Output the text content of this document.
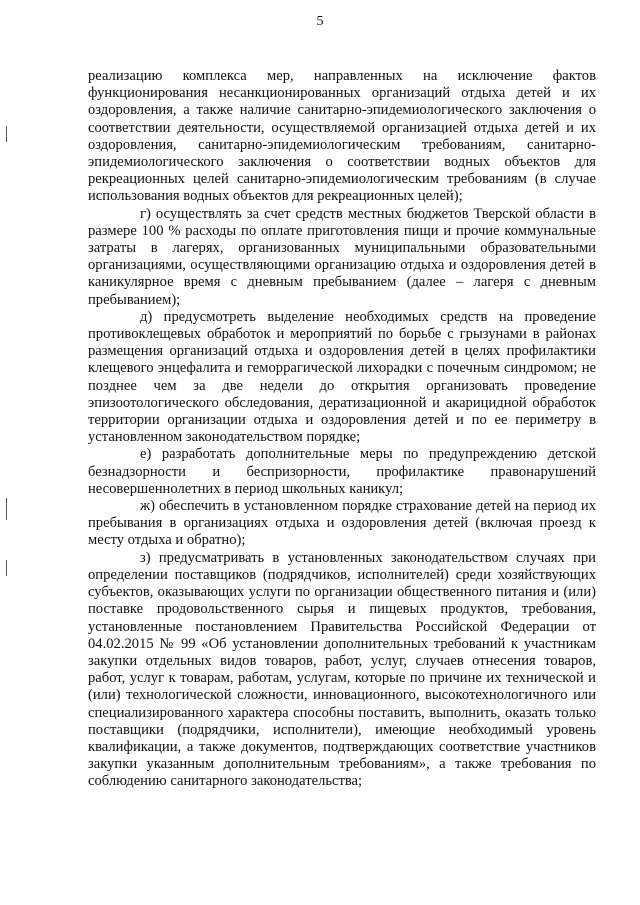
5

реализацию комплекса мер, направленных на исключение фактов функционирования несанкционированных организаций отдыха детей и их оздоровления, а также наличие санитарно-эпидемиологического заключения о соответствии деятельности, осуществляемой организацией отдыха детей и их оздоровления, санитарно-эпидемиологическим требованиям, санитарно-эпидемиологического заключения о соответствии водных объектов для рекреационных целей санитарно-эпидемиологическим требованиям (в случае использования водных объектов для рекреационных целей);

г) осуществлять за счет средств местных бюджетов Тверской области в размере 100 % расходы по оплате приготовления пищи и прочие коммунальные затраты в лагерях, организованных муниципальными образовательными организациями, осуществляющими организацию отдыха и оздоровления детей в каникулярное время с дневным пребыванием (далее – лагеря с дневным пребыванием);

д) предусмотреть выделение необходимых средств на проведение противоклещевых обработок и мероприятий по борьбе с грызунами в районах размещения организаций отдыха и оздоровления детей в целях профилактики клещевого энцефалита и геморрагической лихорадки с почечным синдромом; не позднее чем за две недели до открытия организовать проведение эпизоотологического обследования, дератизационной и акарицидной обработок территории организации отдыха и оздоровления детей и по ее периметру в установленном законодательством порядке;

е) разработать дополнительные меры по предупреждению детской безнадзорности и беспризорности, профилактике правонарушений несовершеннолетних в период школьных каникул;

ж) обеспечить в установленном порядке страхование детей на период их пребывания в организациях отдыха и оздоровления детей (включая проезд к месту отдыха и обратно);

з) предусматривать в установленных законодательством случаях при определении поставщиков (подрядчиков, исполнителей) среди хозяйствующих субъектов, оказывающих услуги по организации общественного питания и (или) поставке продовольственного сырья и пищевых продуктов, требования, установленные постановлением Правительства Российской Федерации от 04.02.2015 № 99 «Об установлении дополнительных требований к участникам закупки отдельных видов товаров, работ, услуг, случаев отнесения товаров, работ, услуг к товарам, работам, услугам, которые по причине их технической и (или) технологической сложности, инновационного, высокотехнологичного или специализированного характера способны поставить, выполнить, оказать только поставщики (подрядчики, исполнители), имеющие необходимый уровень квалификации, а также документов, подтверждающих соответствие участников закупки указанным дополнительным требованиям», а также требования по соблюдению санитарного законодательства;
